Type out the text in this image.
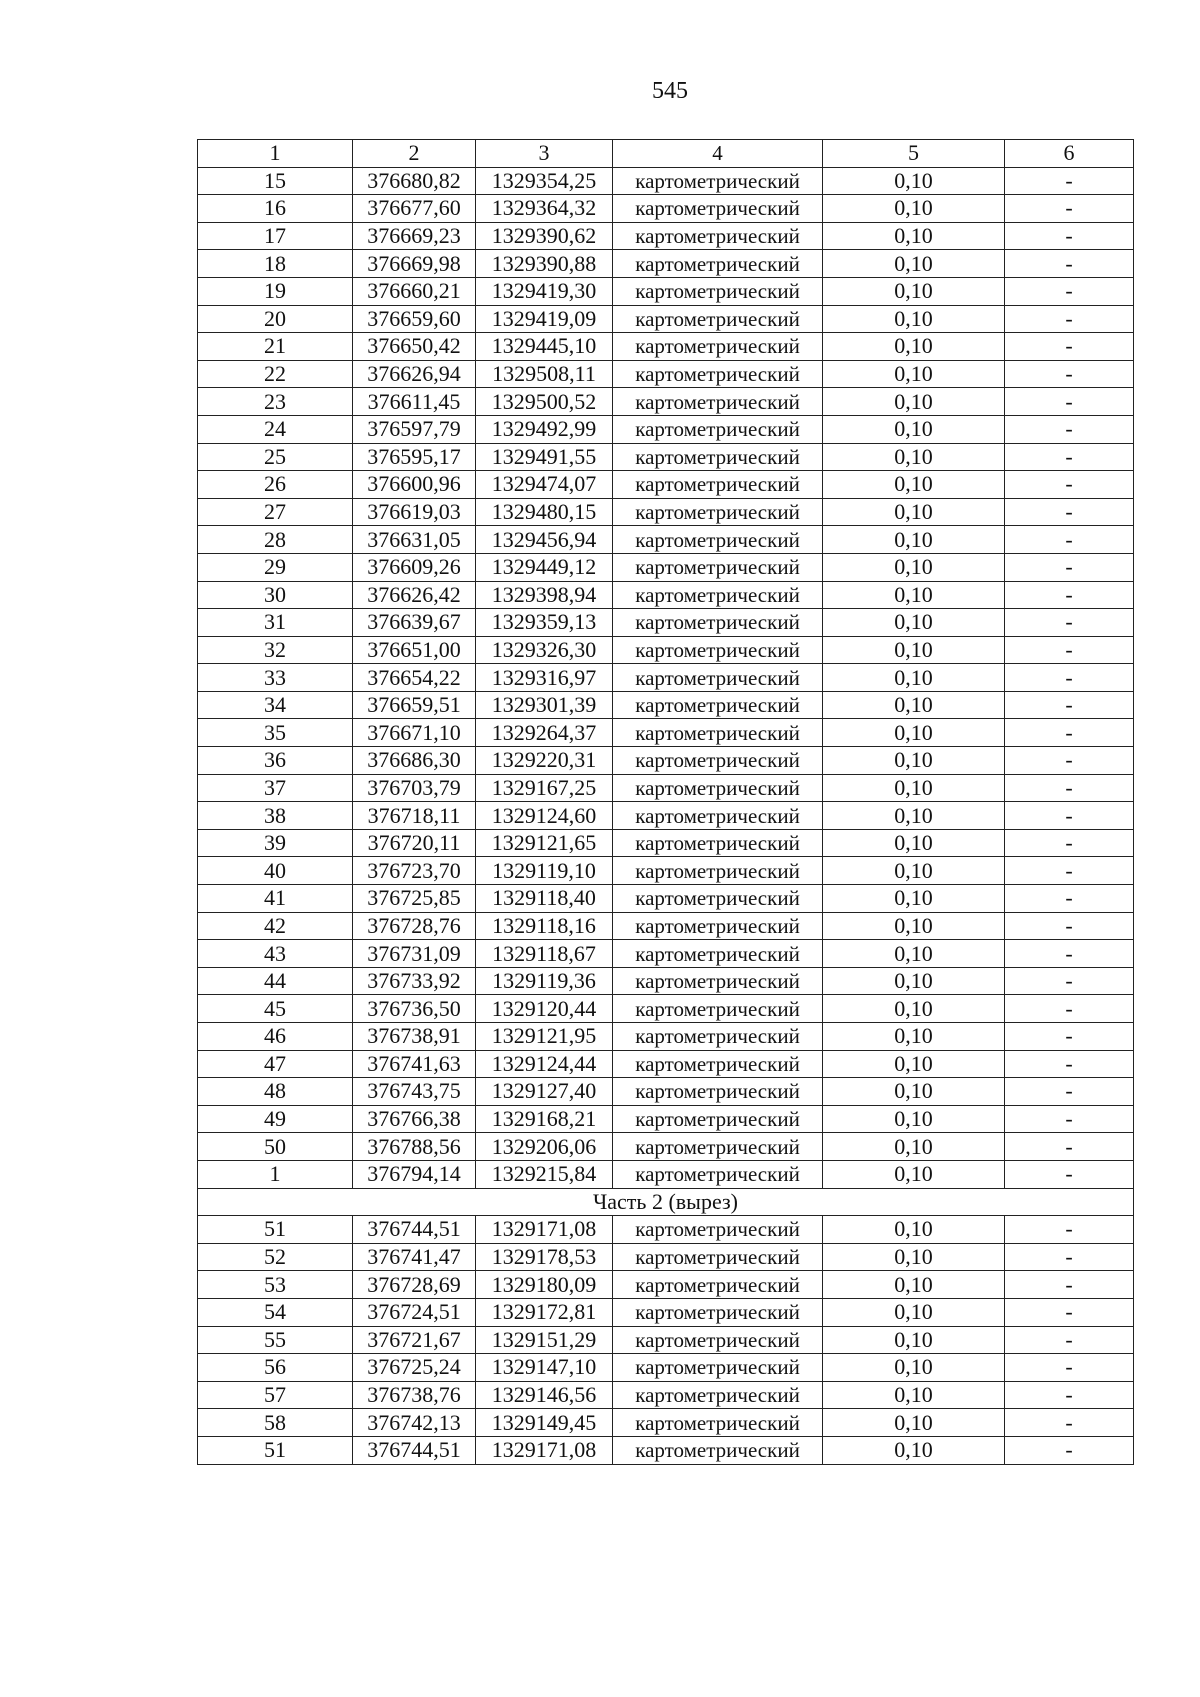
545
1	2	3	4	5	6
15	376680,82	1329354,25	картометрический	0,10	-
16	376677,60	1329364,32	картометрический	0,10	-
17	376669,23	1329390,62	картометрический	0,10	-
18	376669,98	1329390,88	картометрический	0,10	-
19	376660,21	1329419,30	картометрический	0,10	-
20	376659,60	1329419,09	картометрический	0,10	-
21	376650,42	1329445,10	картометрический	0,10	-
22	376626,94	1329508,11	картометрический	0,10	-
23	376611,45	1329500,52	картометрический	0,10	-
24	376597,79	1329492,99	картометрический	0,10	-
25	376595,17	1329491,55	картометрический	0,10	-
26	376600,96	1329474,07	картометрический	0,10	-
27	376619,03	1329480,15	картометрический	0,10	-
28	376631,05	1329456,94	картометрический	0,10	-
29	376609,26	1329449,12	картометрический	0,10	-
30	376626,42	1329398,94	картометрический	0,10	-
31	376639,67	1329359,13	картометрический	0,10	-
32	376651,00	1329326,30	картометрический	0,10	-
33	376654,22	1329316,97	картометрический	0,10	-
34	376659,51	1329301,39	картометрический	0,10	-
35	376671,10	1329264,37	картометрический	0,10	-
36	376686,30	1329220,31	картометрический	0,10	-
37	376703,79	1329167,25	картометрический	0,10	-
38	376718,11	1329124,60	картометрический	0,10	-
39	376720,11	1329121,65	картометрический	0,10	-
40	376723,70	1329119,10	картометрический	0,10	-
41	376725,85	1329118,40	картометрический	0,10	-
42	376728,76	1329118,16	картометрический	0,10	-
43	376731,09	1329118,67	картометрический	0,10	-
44	376733,92	1329119,36	картометрический	0,10	-
45	376736,50	1329120,44	картометрический	0,10	-
46	376738,91	1329121,95	картометрический	0,10	-
47	376741,63	1329124,44	картометрический	0,10	-
48	376743,75	1329127,40	картометрический	0,10	-
49	376766,38	1329168,21	картометрический	0,10	-
50	376788,56	1329206,06	картометрический	0,10	-
1	376794,14	1329215,84	картометрический	0,10	-
Часть 2 (вырез)					
51	376744,51	1329171,08	картометрический	0,10	-
52	376741,47	1329178,53	картометрический	0,10	-
53	376728,69	1329180,09	картометрический	0,10	-
54	376724,51	1329172,81	картометрический	0,10	-
55	376721,67	1329151,29	картометрический	0,10	-
56	376725,24	1329147,10	картометрический	0,10	-
57	376738,76	1329146,56	картометрический	0,10	-
58	376742,13	1329149,45	картометрический	0,10	-
51	376744,51	1329171,08	картометрический	0,10	-
